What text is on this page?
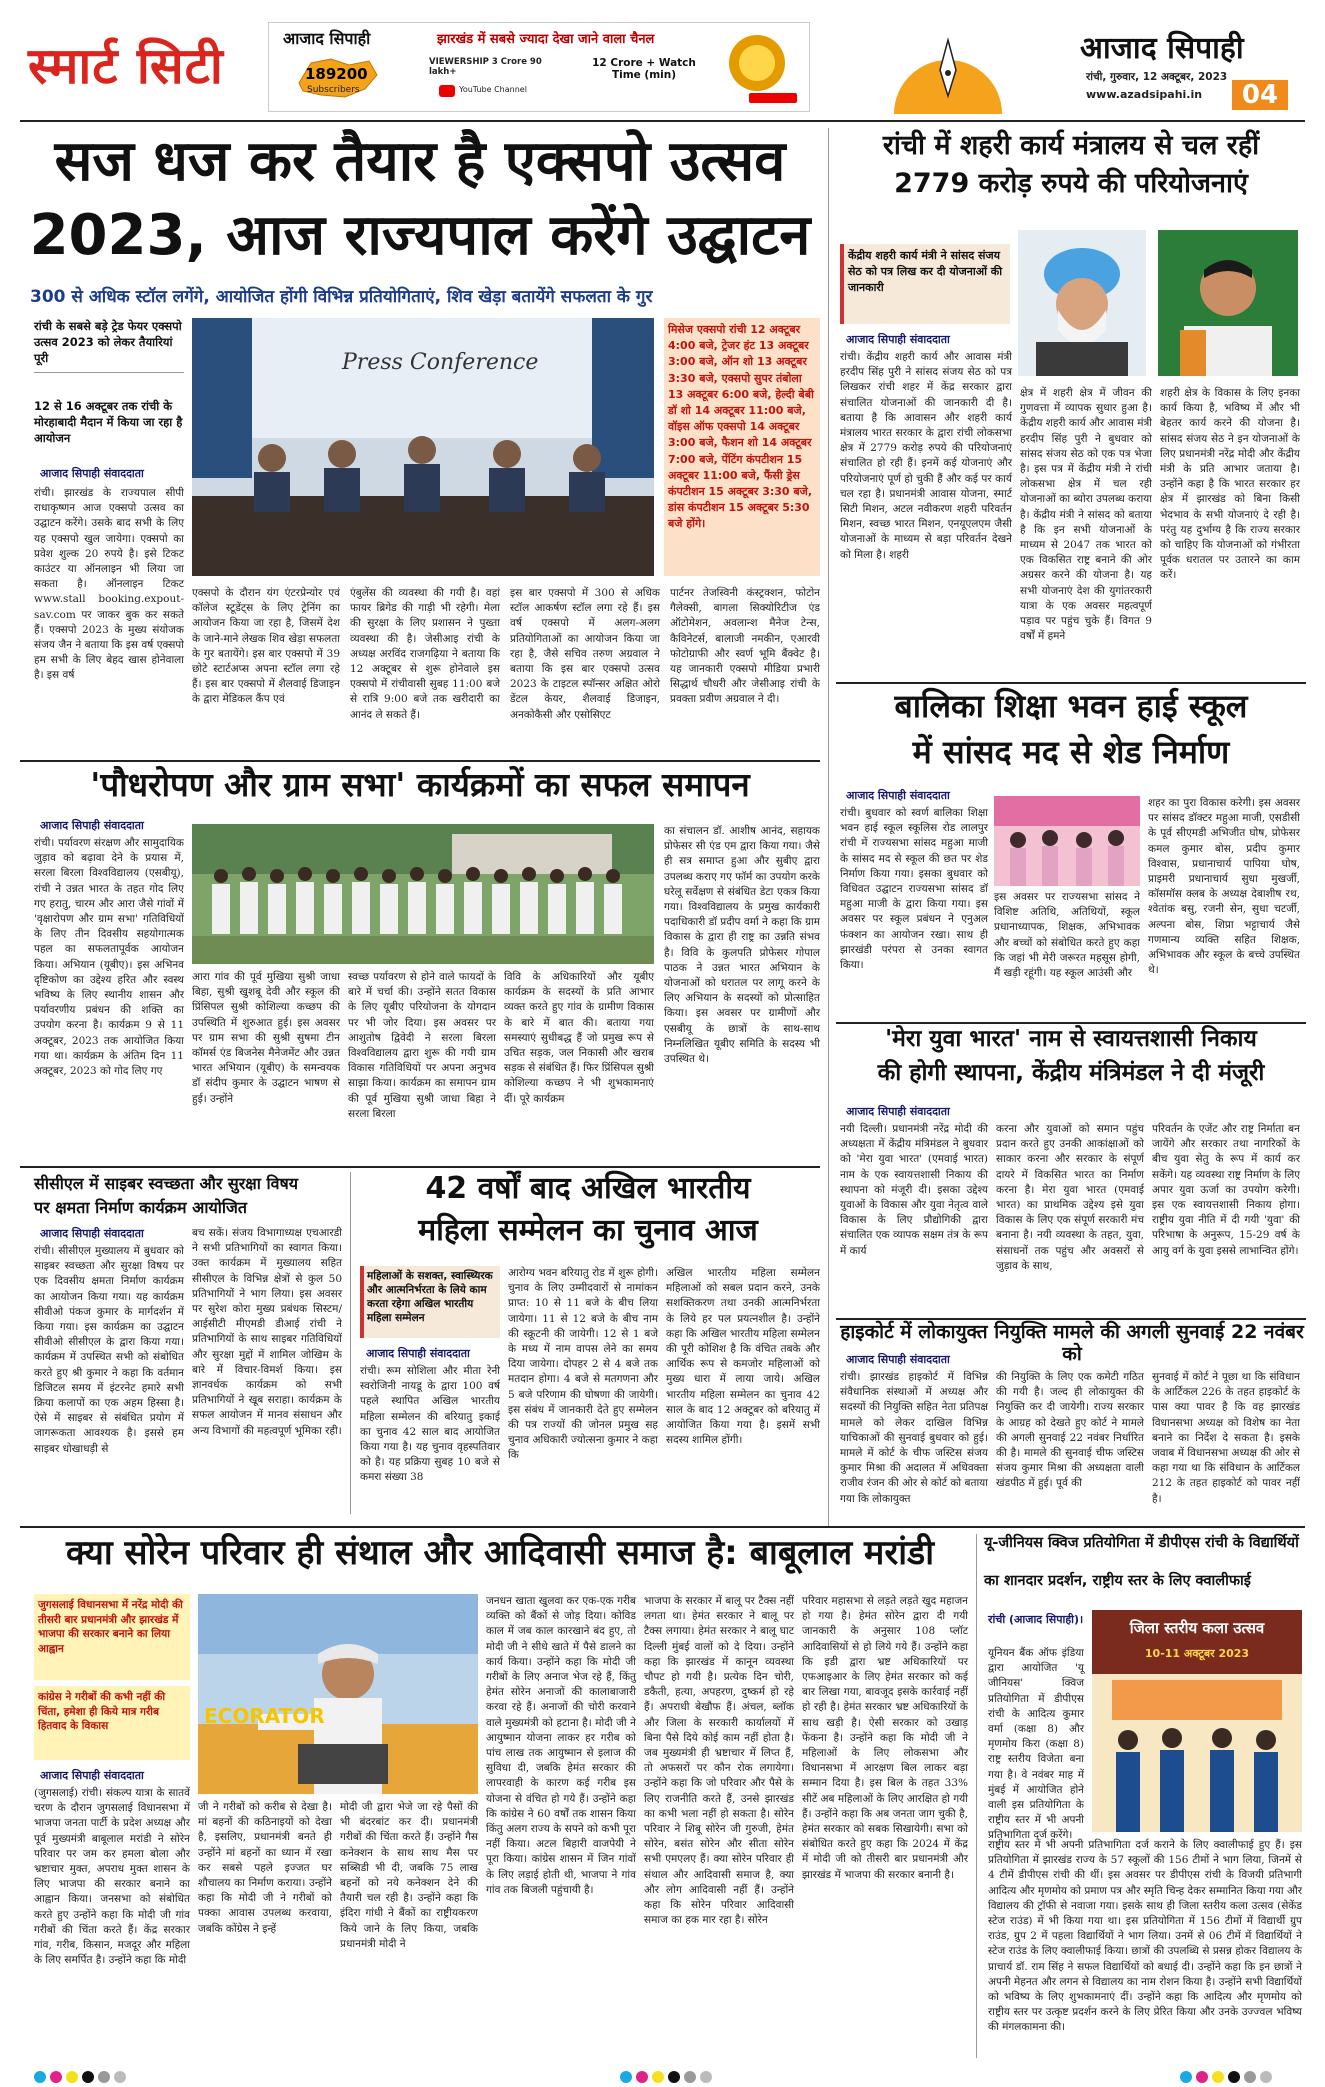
स्मार्ट सिटी	आजाद सिपाही	झारखंड में सबसे ज्यादा देखा जाने वाला चैनल
189200
Subscribers
VIEWERSHIP 3 Crore 90 lakh+
12 Crore + Watch Time (min)
YouTube Channel
आजाद सिपाही
रांची, गुरुवार, 12 अक्टूबर, 2023
www.azadsipahi.in	04
सज धज कर तैयार है एक्सपो उत्सव
2023, आज राज्यपाल करेंगे उद्घाटन
300 से अधिक स्टॉल लगेंगे, आयोजित होंगी विभिन्न प्रतियोगिताएं, शिव खेड़ा बतायेंगे सफलता के गुर
रांची के सबसे बड़े ट्रेड फेयर एक्सपो उत्सव 2023 को लेकर तैयारियां पूरी
12 से 16 अक्टूबर तक रांची के मोरहाबादी मैदान में किया जा रहा है आयोजन
आजाद सिपाही संवाददाता
रांची। झारखंड के राज्यपाल सीपी राधाकृष्णन आज एक्सपो उत्सव का उद्घाटन करेंगे। उसके बाद सभी के लिए यह एक्सपो खुल जायेगा। एक्सपो का प्रवेश शुल्क 20 रुपये है। इसे टिकट काउंटर या ऑनलाइन भी लिया जा सकता है। ऑनलाइन टिकट www.stall booking.expout-sav.com पर जाकर बुक कर सकते हैं। एक्सपो 2023 के मुख्य संयोजक संजय जैन ने बताया कि इस वर्ष एक्सपो हम सभी के लिए बेहद खास होनेवाला है। इस वर्ष
Press Conference
एक्सपो के दौरान यंग एंटरप्रेन्योर एवं कॉलेज स्टूडेंट्स के लिए ट्रेनिंग का आयोजन किया जा रहा है, जिसमें देश के जाने-माने लेखक शिव खेड़ा सफलता के गुर बतायेंगे। इस बार एक्सपो में 39 छोटे स्टार्टअप्स अपना स्टॉल लगा रहे हैं। इस बार एक्सपो में शैलवाई डिजाइन के द्वारा मेडिकल कैंप एवं
एंबुलेंस की व्यवस्था की गयी है। वहां फायर ब्रिगेड की गाड़ी भी रहेगी। मेला की सुरक्षा के लिए प्रशासन ने पुख्ता व्यवस्था की है। जेसीआइ रांची के अध्यक्ष अरविंद राजगढ़िया ने बताया कि 12 अक्टूबर से शुरू होनेवाले इस एक्सपो में रांचीवासी सुबह 11:00 बजे से रात्रि 9:00 बजे तक खरीदारी का आनंद ले सकते हैं।
इस बार एक्सपो में 300 से अधिक स्टॉल आकर्षण स्टॉल लगा रहे हैं। इस वर्ष एक्सपो में अलग-अलग प्रतियोगिताओं का आयोजन किया जा रहा है, जैसे सचिव तरुण अग्रवाल ने बताया कि इस बार एक्सपो उत्सव 2023 के टाइटल स्पॉन्सर अक्षित ओरो डेंटल केयर, शैलवाई डिजाइन, अनकोकैसी और एसोसिएट
मिसेज एक्सपो रांची 12 अक्टूबर 4:00 बजे, ट्रेजर हंट 13 अक्टूबर 3:00 बजे, ऑन शो 13 अक्टूबर 3:30 बजे, एक्सपो सुपर तंबोला 13 अक्टूबर 6:00 बजे, हेल्दी बेबी डॉ शो 14 अक्टूबर 11:00 बजे, वॉइस ऑफ एक्सपो 14 अक्टूबर 3:00 बजे, फैशन शो 14 अक्टूबर 7:00 बजे, पेंटिंग कंपटीशन 15 अक्टूबर 11:00 बजे, फैंसी ड्रेस कंपटीशन 15 अक्टूबर 3:30 बजे, डांस कंपटीशन 15 अक्टूबर 5:30 बजे होंगे।
पार्टनर तेजस्विनी कंस्ट्रक्शन, फोटोन गैलेक्सी, बागला सिक्योरिटीज एंड ऑटोमेशन, अवलान्श मैनेज टेन्स, कैविनेटर्स, बालाजी नमकीन, एआरवी फोटोग्राफी और स्वर्ण भूमि बैंक्वेट है। यह जानकारी एक्सपो मीडिया प्रभारी सिद्धार्थ चौधरी और जेसीआइ रांची के प्रवक्ता प्रवीण अग्रवाल ने दी।
रांची में शहरी कार्य मंत्रालय से चल रहीं
2779 करोड़ रुपये की परियोजनाएं
केंद्रीय शहरी कार्य मंत्री ने सांसद संजय सेठ को पत्र लिख कर दी योजनाओं की जानकारी
आजाद सिपाही संवाददाता
रांची। केंद्रीय शहरी कार्य और आवास मंत्री हरदीप सिंह पुरी ने सांसद संजय सेठ को पत्र लिखकर रांची शहर में केंद्र सरकार द्वारा संचालित योजनाओं की जानकारी दी है। बताया है कि आवासन और शहरी कार्य मंत्रालय भारत सरकार के द्वारा रांची लोकसभा क्षेत्र में 2779 करोड़ रुपये की परियोजनाएं संचालित हो रही हैं। इनमें कई योजनाएं और परियोजनाएं पूर्ण हो चुकी हैं और कई पर कार्य चल रहा है। प्रधानमंत्री आवास योजना, स्मार्ट सिटी मिशन, अटल नवीकरण शहरी परिवर्तन मिशन, स्वच्छ भारत मिशन, एनयूएलएम जैसी योजनाओं के माध्यम से बड़ा परिवर्तन देखने को मिला है। शहरी
क्षेत्र में शहरी क्षेत्र में जीवन की गुणवत्ता में व्यापक सुधार हुआ है। केंद्रीय शहरी कार्य और आवास मंत्री हरदीप सिंह पुरी ने बुधवार को सांसद संजय सेठ को एक पत्र भेजा है। इस पत्र में केंद्रीय मंत्री ने रांची लोकसभा क्षेत्र में चल रही योजनाओं का ब्योरा उपलब्ध कराया है। केंद्रीय मंत्री ने सांसद को बताया है कि इन सभी योजनाओं के माध्यम से 2047 तक भारत को एक विकसित राष्ट्र बनाने की ओर अग्रसर करने की योजना है। यह सभी योजनाएं देश की युगांतरकारी यात्रा के एक अवसर महत्वपूर्ण पड़ाव पर पहुंच चुके हैं। विगत 9 वर्षों में हमने
शहरी क्षेत्र के विकास के लिए इनका कार्य किया है, भविष्य में और भी बेहतर कार्य करने की योजना है। सांसद संजय सेठ ने इन योजनाओं के लिए प्रधानमंत्री नरेंद्र मोदी और केंद्रीय मंत्री के प्रति आभार जताया है। उन्होंने कहा है कि भारत सरकार हर क्षेत्र में झारखंड को बिना किसी भेदभाव के सभी योजनाएं दे रही है। परंतु यह दुर्भाग्य है कि राज्य सरकार को चाहिए कि योजनाओं को गंभीरता पूर्वक धरातल पर उतारने का काम करें।
बालिका शिक्षा भवन हाई स्कूल
में सांसद मद से शेड निर्माण
आजाद सिपाही संवाददाता
रांची। बुधवार को स्वर्ण बालिका शिक्षा भवन हाई स्कूल स्कूलिस रोड लालपुर रांची में राज्यसभा सांसद महुआ माजी के सांसद मद से स्कूल की छत पर शेड निर्माण किया गया। इसका बुधवार को विधिवत उद्घाटन राज्यसभा सांसद डॉ महुआ माजी के द्वारा किया गया। इस अवसर पर स्कूल प्रबंधन ने एनुअल फंक्शन का आयोजन रखा। साथ ही झारखंडी परंपरा से उनका स्वागत किया।
इस अवसर पर राज्यसभा सांसद ने विशिष्ट अतिथि, अतिथियों, स्कूल प्रधानाध्यापक, शिक्षक, अभिभावक और बच्चों को संबोधित करते हुए कहा कि जहां भी मेरी जरूरत महसूस होगी, मैं खड़ी रहूंगी। यह स्कूल आउंसी और
शहर का पुरा विकास करेगी। इस अवसर पर सांसद डॉक्टर महुआ माजी, एसडीसी के पूर्व सीएमडी अभिजीत घोष, प्रोफेसर कमल कुमार बोस, प्रदीप कुमार विश्वास, प्रधानाचार्य पापिया घोष, प्राइमरी प्रधानाचार्य सुधा मुखर्जी, कॉसमॉस क्लब के अध्यक्ष देबाशीष रथ, श्वेतांक बसु, रजनी सेन, सुधा चटर्जी, अल्पना बोस, शिप्रा भट्टाचार्य जैसे गणमान्य व्यक्ति सहित शिक्षक, अभिभावक और स्कूल के बच्चे उपस्थित थे।
'मेरा युवा भारत' नाम से स्वायत्तशासी निकाय
की होगी स्थापना, केंद्रीय मंत्रिमंडल ने दी मंजूरी
आजाद सिपाही संवाददाता
नयी दिल्ली। प्रधानमंत्री नरेंद्र मोदी की अध्यक्षता में केंद्रीय मंत्रिमंडल ने बुधवार को 'मेरा युवा भारत' (एमवाई भारत) नाम के एक स्वायत्तशासी निकाय की स्थापना को मंजूरी दी। इसका उद्देश्य युवाओं के विकास और युवा नेतृत्व वाले विकास के लिए प्रौद्योगिकी द्वारा संचालित एक व्यापक सक्षम तंत्र के रूप में कार्य
करना और युवाओं को समान पहुंच प्रदान करते हुए उनकी आकांक्षाओं को साकार करना और सरकार के संपूर्ण दायरे में विकसित भारत का निर्माण करना है। मेरा युवा भारत (एमवाई भारत) का प्राथमिक उद्देश्य इसे युवा विकास के लिए एक संपूर्ण सरकारी मंच बनाना है। नयी व्यवस्था के तहत, युवा, संसाधनों तक पहुंच और अवसरों से जुड़ाव के साथ,
परिवर्तन के एजेंट और राष्ट्र निर्माता बन जायेंगे और सरकार तथा नागरिकों के बीच युवा सेतु के रूप में कार्य कर सकेंगे। यह व्यवस्था राष्ट्र निर्माण के लिए अपार युवा ऊर्जा का उपयोग करेगी। इस एक स्वायत्तशासी निकाय होगा। राष्ट्रीय युवा नीति में दी गयी 'युवा' की परिभाषा के अनुरूप, 15-29 वर्ष के आयु वर्ग के युवा इससे लाभान्वित होंगे।
हाइकोर्ट में लोकायुक्त नियुक्ति मामले की अगली सुनवाई 22 नवंबर को
आजाद सिपाही संवाददाता
रांची। झारखंड हाइकोर्ट में विभिन्न संवैधानिक संस्थाओं में अध्यक्ष और सदस्यों की नियुक्ति सहित नेता प्रतिपक्ष मामले को लेकर दाखिल विभिन्न याचिकाओं की सुनवाई बुधवार को हुई। मामले में कोर्ट के चीफ जस्टिस संजय कुमार मिश्रा की अदालत में अधिवक्ता राजीव रंजन की ओर से कोर्ट को बताया गया कि लोकायुक्त
की नियुक्ति के लिए एक कमेटी गठित की गयी है। जल्द ही लोकायुक्त की नियुक्ति कर दी जायेगी। राज्य सरकार के आग्रह को देखते हुए कोर्ट ने मामले की अगली सुनवाई 22 नवंबर निर्धारित की है। मामले की सुनवाई चीफ जस्टिस संजय कुमार मिश्रा की अध्यक्षता वाली खंडपीठ में हुई। पूर्व की
सुनवाई में कोर्ट ने पूछा था कि संविधान के आर्टिकल 226 के तहत हाइकोर्ट के पास क्या पावर है कि वह झारखंड विधानसभा अध्यक्ष को विशेष का नेता बनाने का निर्देश दे सकता है। इसके जवाब में विधानसभा अध्यक्ष की ओर से कहा गया था कि संविधान के आर्टिकल 212 के तहत हाइकोर्ट को पावर नहीं है।
'पौधरोपण और ग्राम सभा' कार्यक्रमों का सफल समापन
आजाद सिपाही संवाददाता
रांची। पर्यावरण संरक्षण और सामुदायिक जुड़ाव को बढ़ावा देने के प्रयास में, सरला बिरला विश्वविद्यालय (एसबीयू), रांची ने उन्नत भारत के तहत गोद लिए गए हरातु, चारम और आरा जैसे गांवों में 'वृक्षारोपण और ग्राम सभा' गतिविधियों के लिए तीन दिवसीय सहयोगात्मक पहल का सफलतापूर्वक आयोजन किया। अभियान (यूबीए)। इस अभिनव दृष्टिकोण का उद्देश्य हरित और स्वस्थ भविष्य के लिए स्थानीय शासन और पर्यावरणीय प्रबंधन की शक्ति का उपयोग करना है। कार्यक्रम 9 से 11 अक्टूबर, 2023 तक आयोजित किया गया था। कार्यक्रम के अंतिम दिन 11 अक्टूबर, 2023 को गोद लिए गए
आरा गांव की पूर्व मुखिया सुश्री जाधा बिहा, सुश्री खुशबू देवी और स्कूल की प्रिंसिपल सुश्री कोशिल्या कच्छप की उपस्थिति में शुरुआत हुई। इस अवसर पर ग्राम सभा की सुश्री सुषमा टीन कॉमर्स एंड बिजनेस मैनेजमेंट और उन्नत भारत अभियान (यूबीए) के समन्वयक डॉ संदीप कुमार के उद्घाटन भाषण से हुई। उन्होंने
स्वच्छ पर्यावरण से होने वाले फायदों के बारे में चर्चा की। उन्होंने सतत विकास के लिए यूबीए परियोजना के योगदान पर भी जोर दिया। इस अवसर पर आशुतोष द्विवेदी ने सरला बिरला विश्वविद्यालय द्वारा शुरू की गयी ग्राम विकास गतिविधियों पर अपना अनुभव साझा किया। कार्यक्रम का समापन ग्राम की पूर्व मुखिया सुश्री जाधा बिहा ने सरला बिरला
विवि के अधिकारियों और यूबीए कार्यक्रम के सदस्यों के प्रति आभार व्यक्त करते हुए गांव के ग्रामीण विकास के बारे में बात की। बताया गया समस्याएं सुधीबद्ध हैं जो प्रमुख रूप से उचित सड़क, जल निकासी और खराब सड़क से संबंधित हैं। फिर प्रिंसिपल सुश्री कोशिल्या कच्छप ने भी शुभकामनाएं दीं। पूरे कार्यक्रम
का संचालन डॉ. आशीष आनंद, सहायक प्रोफेसर सी एंड एम द्वारा किया गया। जैसे ही सत्र समाप्त हुआ और सुबीए द्वारा उपलब्ध कराए गए फॉर्म का उपयोग करके घरेलू सर्वेक्षण से संबंधित डेटा एकत्र किया गया। विश्वविद्यालय के प्रमुख कार्यकारी पदाधिकारी डॉ प्रदीप वर्मा ने कहा कि ग्राम विकास के द्वारा ही राष्ट्र का उन्नति संभव है। विवि के कुलपति प्रोफेसर गोपाल पाठक ने उन्नत भारत अभियान के योजनाओं को धरातल पर लागू करने के लिए अभियान के सदस्यों को प्रोत्साहित किया। इस अवसर पर ग्रामीणों और एसबीयू के छात्रों के साथ-साथ निम्नलिखित यूबीए समिति के सदस्य भी उपस्थित थे।
सीसीएल में साइबर स्वच्छता और सुरक्षा विषय
पर क्षमता निर्माण कार्यक्रम आयोजित
आजाद सिपाही संवाददाता
रांची। सीसीएल मुख्यालय में बुधवार को साइबर स्वच्छता और सुरक्षा विषय पर एक दिवसीय क्षमता निर्माण कार्यक्रम का आयोजन किया गया। यह कार्यक्रम सीवीओ पंकज कुमार के मार्गदर्शन में किया गया। इस कार्यक्रम का उद्घाटन सीवीओ सीसीएल के द्वारा किया गया। कार्यक्रम में उपस्थित सभी को संबोधित करते हुए श्री कुमार ने कहा कि वर्तमान डिजिटल समय में इंटरनेट हमारे सभी क्रिया कलापों का एक अहम हिस्सा है। ऐसे में साइबर से संबंधित प्रयोग में जागरूकता आवश्यक है। इससे हम साइबर धोखाधड़ी से
बच सकें। संजय विभागाध्यक्ष एचआरडी ने सभी प्रतिभागियों का स्वागत किया। उक्त कार्यक्रम में मुख्यालय सहित सीसीएल के विभिन्न क्षेत्रों से कुल 50 प्रतिभागियों ने भाग लिया। इस अवसर पर सुरेश कोरा मुख्य प्रबंधक सिस्टम/आईसीटी मीएमडी डीआई रांची ने प्रतिभागियों के साथ साइबर गतिविधियों और सुरक्षा मुद्दों में शामिल जोखिम के बारे में विचार-विमर्श किया। इस ज्ञानवर्धक कार्यक्रम को सभी प्रतिभागियों ने खूब सराहा। कार्यक्रम के सफल आयोजन में मानव संसाधन और अन्य विभागों की महत्वपूर्ण भूमिका रही।
42 वर्षों बाद अखिल भारतीय
महिला सम्मेलन का चुनाव आज
महिलाओं के सशक्त, स्वास्थ्यिरक और आत्मनिर्भरता के लिये काम करता रहेगा अखिल भारतीय महिला सम्मेलन
आजाद सिपाही संवाददाता
रांची। रूम सोशिला और मीता रेनी स्वरोजिनी नायडू के द्वारा 100 वर्ष पहले स्थापित अखिल भारतीय महिला सम्मेलन की बरियातु इकाई का चुनाव 42 साल बाद आयोजित किया गया है। यह चुनाव वृहस्पतिवार को है। यह प्रक्रिया सुबह 10 बजे से कमरा संख्या 38
आरोग्य भवन बरियातु रोड में शुरू होगी। चुनाव के लिए उम्मीदवारों से नामांकन प्राप्त: 10 से 11 बजे के बीच लिया जायेगा। 11 से 12 बजे के बीच नाम की स्क्रूटनी की जायेगी। 12 से 1 बजे के मध्य में नाम वापस लेने का समय दिया जायेगा। दोपहर 2 से 4 बजे तक मतदान होगा। 4 बजे से मतगणना और 5 बजे परिणाम की घोषणा की जायेगी। इस संबंध में जानकारी देते हुए सम्मेलन की पत्र राज्यों की जोनल प्रमुख सह चुनाव अधिकारी ज्योत्सना कुमार ने कहा कि
अखिल भारतीय महिला सम्मेलन महिलाओं को सबल प्रदान करने, उनके सशक्तिकरण तथा उनकी आत्मनिर्भरता के लिये हर पल प्रयत्नशील है। उन्होंने कहा कि अखिल भारतीय महिला सम्मेलन की पूरी कोशिश है कि वंचित तबके और आर्थिक रूप से कमजोर महिलाओं को मुख्य धारा में लाया जाये। अखिल भारतीय महिला सम्मेलन का चुनाव 42 साल के बाद 12 अक्टूबर को बरियातु में आयोजित किया गया है। इसमें सभी सदस्य शामिल होंगी।
क्या सोरेन परिवार ही संथाल और आदिवासी समाज है: बाबूलाल मरांडी
जुगसलाई विधानसभा में नरेंद्र मोदी की तीसरी बार प्रधानमंत्री और झारखंड में भाजपा की सरकार बनाने का लिया आह्वान
कांग्रेस ने गरीबों की कभी नहीं की चिंता, हमेशा ही किये मात्र गरीब हितवाद के विकास	ECORATOR
आजाद सिपाही संवाददाता
(जुगसलाई) रांची। संकल्प यात्रा के सातवें चरण के दौरान जुगसलाई विधानसभा में भाजपा जनता पार्टी के प्रदेश अध्यक्ष और पूर्व मुख्यमंत्री बाबूलाल मरांडी ने सोरेन परिवार पर जम कर हमला बोला और भ्रष्टाचार मुक्त, अपराध मुक्त शासन के लिए भाजपा की सरकार बनाने का आह्वान किया। जनसभा को संबोधित करते हुए उन्होंने कहा कि मोदी जी गांव गरीबों की चिंता करते हैं। केंद्र सरकार गांव, गरीब, किसान, मजदूर और महिला के लिए समर्पित है। उन्होंने कहा कि मोदी
जी ने गरीबों को करीब से देखा है। मां बहनों की कठिनाइयों को देखा है, इसलिए, प्रधानमंत्री बनते ही उन्होंने मां बहनों का ध्यान में रखा कर सबसे पहले इज्जत घर शौचालय का निर्माण कराया। उन्होंने कहा कि मोदी जी ने गरीबों को पक्का आवास उपलब्ध करवाया, जबकि कोंग्रेस ने इन्हें
मोदी जी द्वारा भेजे जा रहे पैसों की भी बंदरबांट कर दी। प्रधानमंत्री गरीबों की चिंता करते हैं। उन्होंने गैस कनेक्शन के साथ साथ मैस पर सब्सिडी भी दी, जबकि 75 लाख बहनों को नये कनेक्शन देने की तैयारी चल रही है। उन्होंने कहा कि इंदिरा गांधी ने बैंकों का राष्ट्रीयकरण किये जाने के लिए किया, जबकि प्रधानमंत्री मोदी ने
जनधन खाता खुलवा कर एक-एक गरीब व्यक्ति को बैंकों से जोड़ दिया। कोविड काल में जब काल कारखाने बंद हुए, तो मोदी जी ने सीधे खाते में पैसे डालने का कार्य किया। उन्होंने कहा कि मोदी जी गरीबों के लिए अनाज भेज रहे हैं, किंतु हेमंत सोरेन अनाजों की कालाबाजारी करवा रहे हैं। अनाजों की चोरी करवाने वाले मुख्यमंत्री को हटाना है। मोदी जी ने आयुष्मान योजना लाकर हर गरीब को पांच लाख तक आयुष्मान से इलाज की सुविधा दी, जबकि हेमंत सरकार की लापरवाही के कारण कई गरीब इस योजना से वंचित हो गये हैं। उन्होंने कहा कि कांग्रेस ने 60 वर्षों तक शासन किया किंतु अलग राज्य के सपने को कभी पूरा नहीं किया। अटल बिहारी वाजपेयी ने पूरा किया। कांग्रेस शासन में जिन गांवों के लिए लड़ाई होती थी, भाजपा ने गांव गांव तक बिजली पहुंचायी है।
भाजपा के सरकार में बालू पर टैक्स नहीं लगता था। हेमंत सरकार ने बालू पर टैक्स लगाया। हेमंत सरकार ने बालू घाट दिल्ली मुंबई वालों को दे दिया। उन्होंने कहा कि झारखंड में कानून व्यवस्था चौपट हो गयी है। प्रत्येक दिन चोरी, डकैती, हत्या, अपहरण, दुष्कर्म हो रहे हैं। अपराधी बेखौफ हैं। अंचल, ब्लॉक और जिला के सरकारी कार्यालयों में बिना पैसे दिये कोई काम नहीं होता है। जब मुख्यमंत्री ही भ्रष्टाचार में लिप्त हैं, तो अफसरों पर कौन रोक लगायेगा। उन्होंने कहा कि जो परिवार और पैसे के लिए राजनीति करते हैं, उनसे झारखंड का कभी भला नहीं हो सकता है। सोरेन परिवार ने शिबू सोरेन जी गुरुजी, हेमंत सोरेन, बसंत सोरेन और सीता सोरेन सभी एमएलए हैं। क्या सोरेन परिवार ही संथाल और आदिवासी समाज है, क्या और लोग आदिवासी नहीं हैं। उन्होंने कहा कि सोरेन परिवार आदिवासी समाज का हक मार रहा है। सोरेन
परिवार महासभा से लड़ते लड़ते खुद महाजन हो गया है। हेमंत सोरेन द्वारा दी गयी जानकारी के अनुसार 108 प्लॉट आदिवासियों से हो लिये गये हैं। उन्होंने कहा कि इडी द्वारा भ्रष्ट अधिकारियों पर एफआइआर के लिए हेमंत सरकार को कई बार लिखा गया, बावजूद इसके कार्रवाई नहीं हो रही है। हेमंत सरकार भ्रष्ट अधिकारियों के साथ खड़ी है। ऐसी सरकार को उखाड़ फेंकना है। उन्होंने कहा कि मोदी जी ने महिलाओं के लिए लोकसभा और विधानसभा में आरक्षण बिल लाकर बड़ा सम्मान दिया है। इस बिल के तहत 33% सीटें अब महिलाओं के लिए आरक्षित हो गयी हैं। उन्होंने कहा कि अब जनता जाग चुकी है, हेमंत सरकार को सबक सिखायेगी। सभा को संबोधित करते हुए कहा कि 2024 में केंद्र में मोदी जी को तीसरी बार प्रधानमंत्री और झारखंड में भाजपा की सरकार बनानी है।
यू-जीनियस क्विज प्रतियोगिता में डीपीएस रांची के विद्यार्थियों
का शानदार प्रदर्शन, राष्ट्रीय स्तर के लिए क्वालीफाई
रांची (आजाद सिपाही)।
यूनियन बैंक ऑफ इंडिया द्वारा आयोजित 'यू जीनियस' क्विज प्रतियोगिता में डीपीएस रांची के आदित्य कुमार वर्मा (कक्षा 8) और मृणमोय किरा (कक्षा 8) राष्ट्र स्तरीय विजेता बना गया है। वे नवंबर माह में मुंबई में आयोजित होने वाली इस प्रतियोगिता के राष्ट्रीय स्तर में भी अपनी प्रतिभागिता दर्ज करेंगे।
जिला स्तरीय कला उत्सव
10-11 अक्टूबर 2023
राष्ट्रीय स्तर में भी अपनी प्रतिभागिता दर्ज कराने के लिए क्वालीफाई हुए हैं। इस प्रतियोगिता में झारखंड राज्य के 57 स्कूलों की 156 टीमों ने भाग लिया, जिनमें से 4 टीमें डीपीएस रांची की थीं। इस अवसर पर डीपीएस रांची के विजयी प्रतिभागी आदित्य और मृणमोय को प्रमाण पत्र और स्मृति चिन्ह देकर सम्मानित किया गया और विद्यालय की ट्रॉफी से नवाजा गया। इसके साथ ही जिला स्तरीय कला उत्सव (सेकेंड स्टेज राउंड) में भी किया गया था। इस प्रतियोगिता में 156 टीमों में विद्यार्थी ग्रुप राउंड, ग्रुप 2 में पहला विद्यार्थियों ने भाग लिया। उनमें से 06 टीमें में विद्यार्थियों ने स्टेज राउंड के लिए क्वालीफाई किया। छात्रों की उपलब्धि से प्रसन्न होकर विद्यालय के प्राचार्य डॉ. राम सिंह ने सफल विद्यार्थियों को बधाई दी। उन्होंने कहा कि इन छात्रों ने अपनी मेहनत और लगन से विद्यालय का नाम रोशन किया है। उन्होंने सभी विद्यार्थियों को भविष्य के लिए शुभकामनाएं दीं। उन्होंने कहा कि आदित्य और मृणमोय को राष्ट्रीय स्तर पर उत्कृष्ट प्रदर्शन करने के लिए प्रेरित किया और उनके उज्ज्वल भविष्य की मंगलकामना की।
